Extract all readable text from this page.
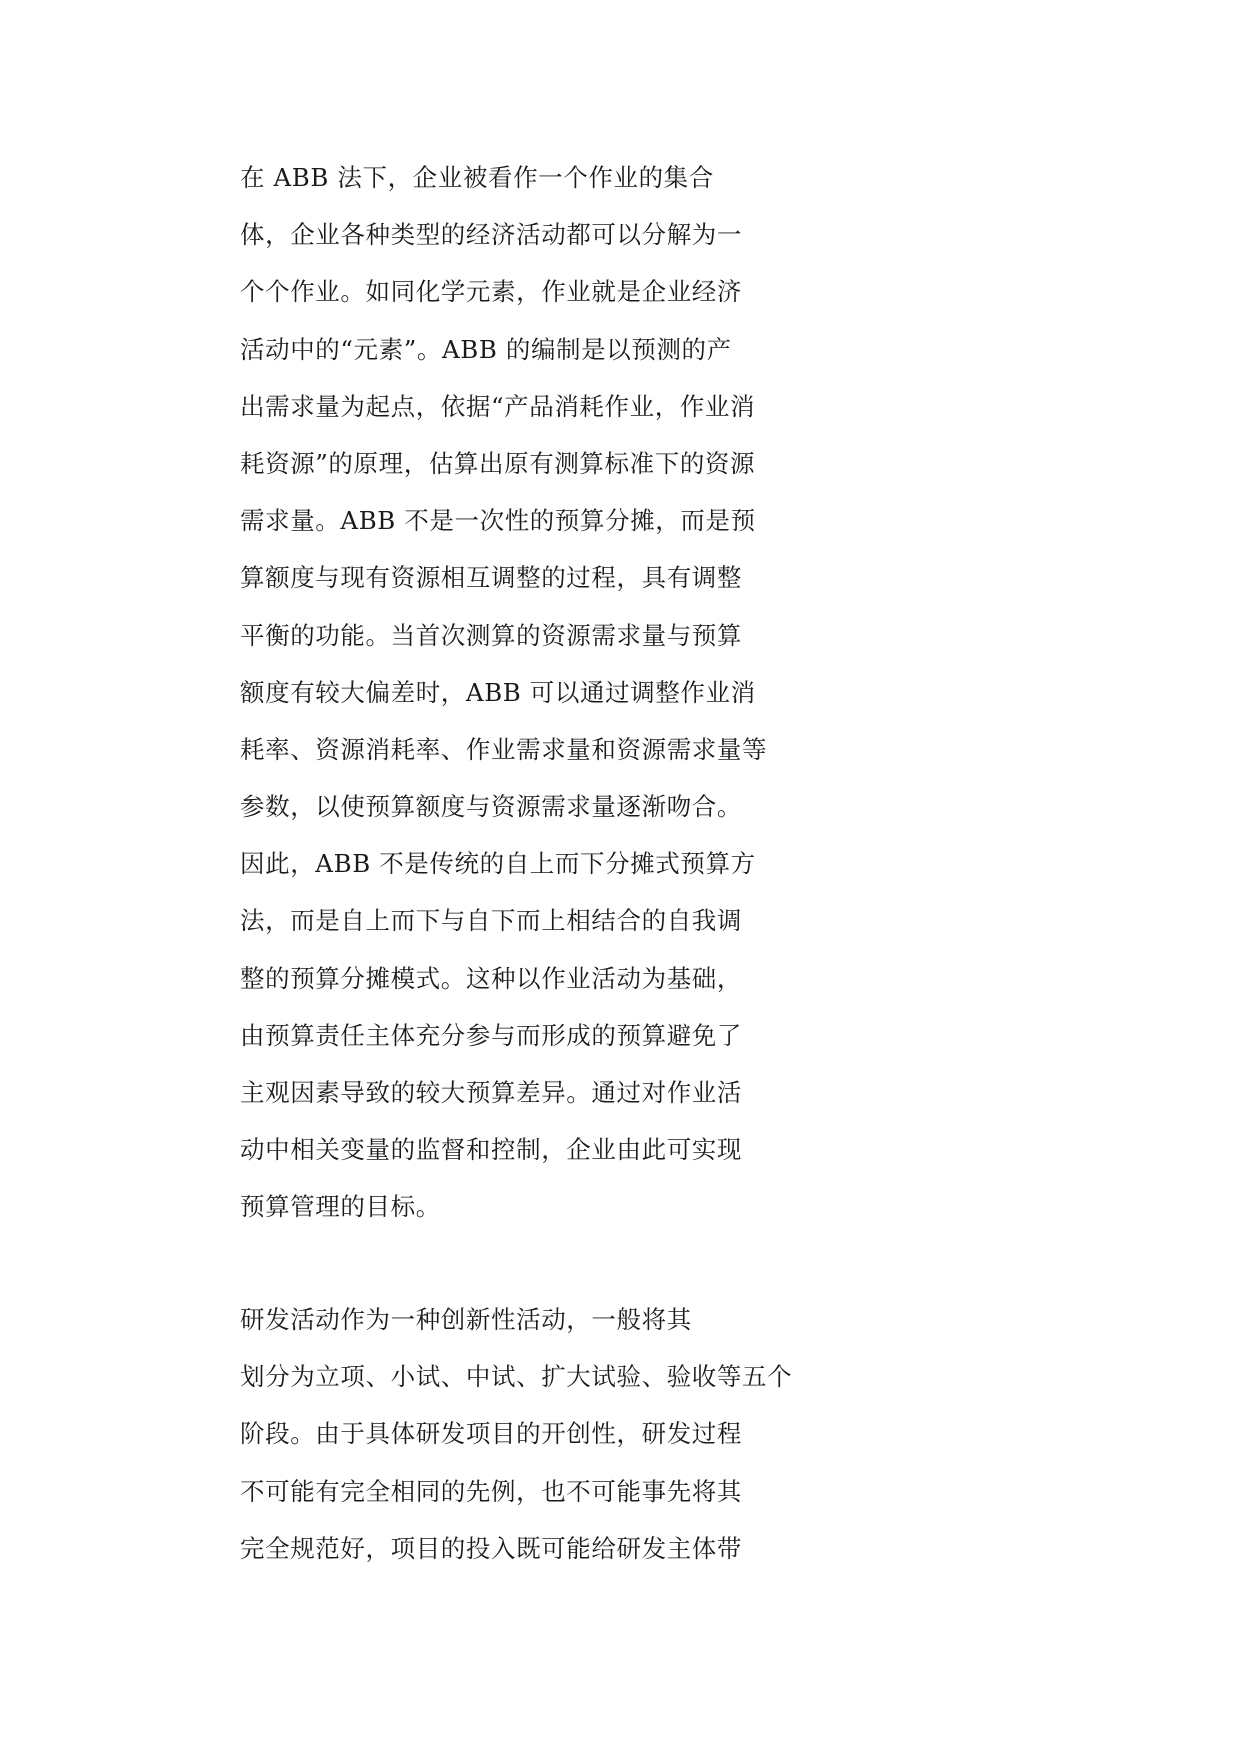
在 ABB 法下，企业被看作一个作业的集合
体，企业各种类型的经济活动都可以分解为一
个个作业。如同化学元素，作业就是企业经济
活动中的“元素”。ABB 的编制是以预测的产
出需求量为起点，依据“产品消耗作业，作业消
耗资源”的原理，估算出原有测算标准下的资源
需求量。ABB 不是一次性的预算分摊，而是预
算额度与现有资源相互调整的过程，具有调整
平衡的功能。当首次测算的资源需求量与预算
额度有较大偏差时，ABB 可以通过调整作业消
耗率、资源消耗率、作业需求量和资源需求量等
参数，以使预算额度与资源需求量逐渐吻合。
因此，ABB 不是传统的自上而下分摊式预算方
法，而是自上而下与自下而上相结合的自我调
整的预算分摊模式。这种以作业活动为基础，
由预算责任主体充分参与而形成的预算避免了
主观因素导致的较大预算差异。通过对作业活
动中相关变量的监督和控制，企业由此可实现
预算管理的目标。
研发活动作为一种创新性活动，一般将其
划分为立项、小试、中试、扩大试验、验收等五个
阶段。由于具体研发项目的开创性，研发过程
不可能有完全相同的先例，也不可能事先将其
完全规范好，项目的投入既可能给研发主体带
